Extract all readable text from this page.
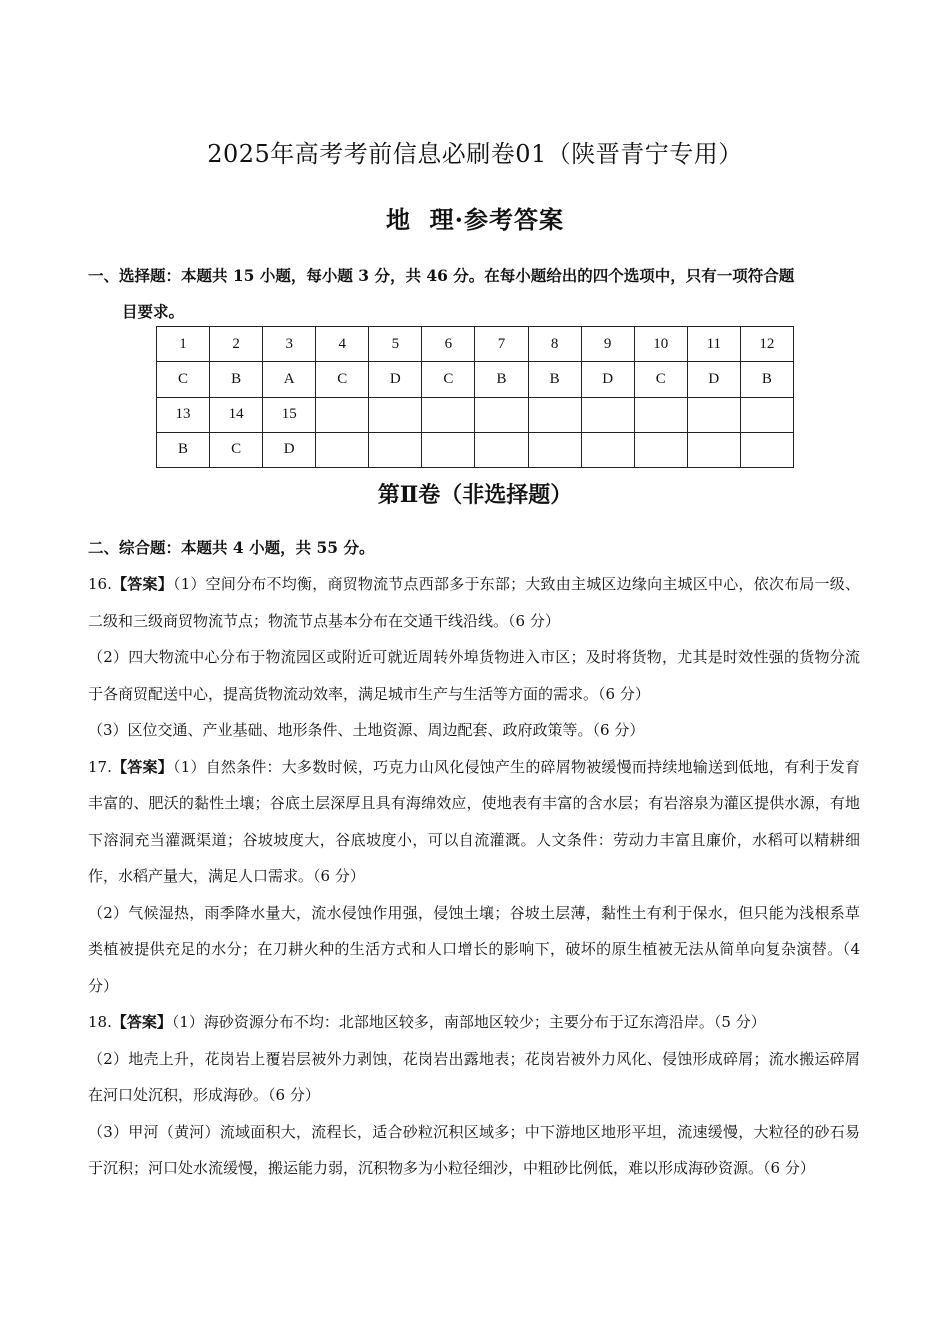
2025年高考考前信息必刷卷01（陕晋青宁专用）
地  理·参考答案
一、选择题：本题共 15 小题，每小题 3 分，共 46 分。在每小题给出的四个选项中，只有一项符合题
目要求。
1	2	3	4	5	6	7	8	9	10	11	12
C	B	A	C	D	C	B	B	D	C	D	B
13	14	15									
B	C	D									
第Ⅱ卷（非选择题）
二、综合题：本题共 4 小题，共 55 分。

16.【答案】（1）空间分布不均衡，商贸物流节点西部多于东部；大致由主城区边缘向主城区中心，依次布局一级、二级和三级商贸物流节点；物流节点基本分布在交通干线沿线。（6 分）

（2）四大物流中心分布于物流园区或附近可就近周转外埠货物进入市区；及时将货物，尤其是时效性强的货物分流于各商贸配送中心，提高货物流动效率，满足城市生产与生活等方面的需求。（6 分）

（3）区位交通、产业基础、地形条件、土地资源、周边配套、政府政策等。（6 分）

17.【答案】（1）自然条件：大多数时候，巧克力山风化侵蚀产生的碎屑物被缓慢而持续地输送到低地，有利于发育丰富的、肥沃的黏性土壤；谷底土层深厚且具有海绵效应，使地表有丰富的含水层；有岩溶泉为灌区提供水源，有地下溶洞充当灌溉渠道；谷坡坡度大，谷底坡度小，可以自流灌溉。人文条件：劳动力丰富且廉价，水稻可以精耕细作，水稻产量大，满足人口需求。（6 分）

（2）气候湿热，雨季降水量大，流水侵蚀作用强，侵蚀土壤；谷坡土层薄，黏性土有利于保水，但只能为浅根系草类植被提供充足的水分；在刀耕火种的生活方式和人口增长的影响下，破坏的原生植被无法从简单向复杂演替。（4 分）

18.【答案】（1）海砂资源分布不均：北部地区较多，南部地区较少；主要分布于辽东湾沿岸。（5 分）

（2）地壳上升，花岗岩上覆岩层被外力剥蚀，花岗岩出露地表；花岗岩被外力风化、侵蚀形成碎屑；流水搬运碎屑在河口处沉积，形成海砂。（6 分）

（3）甲河（黄河）流域面积大，流程长，适合砂粒沉积区域多；中下游地区地形平坦，流速缓慢，大粒径的砂石易于沉积；河口处水流缓慢，搬运能力弱，沉积物多为小粒径细沙，中粗砂比例低，难以形成海砂资源。（6 分）
